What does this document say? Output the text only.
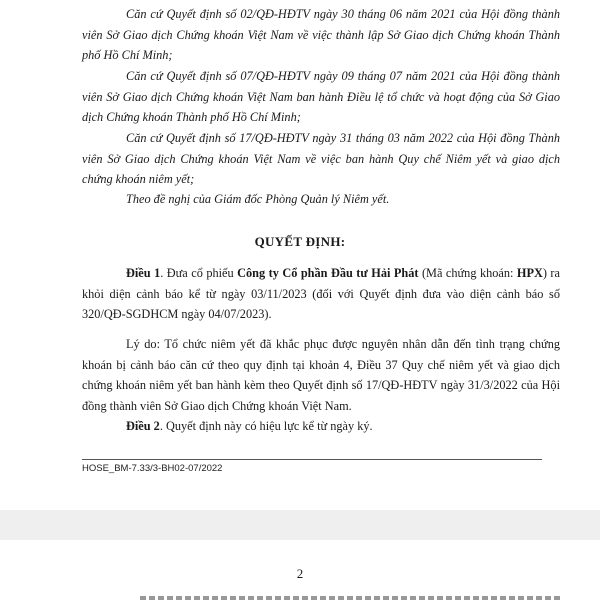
Căn cứ Quyết định số 02/QĐ-HĐTV ngày 30 tháng 06 năm 2021 của Hội đồng thành viên Sở Giao dịch Chứng khoán Việt Nam về việc thành lập Sở Giao dịch Chứng khoán Thành phố Hồ Chí Minh;

Căn cứ Quyết định số 07/QĐ-HĐTV ngày 09 tháng 07 năm 2021 của Hội đồng thành viên Sở Giao dịch Chứng khoán Việt Nam ban hành Điều lệ tổ chức và hoạt động của Sở Giao dịch Chứng khoán Thành phố Hồ Chí Minh;

Căn cứ Quyết định số 17/QĐ-HĐTV ngày 31 tháng 03 năm 2022 của Hội đồng Thành viên Sở Giao dịch Chứng khoán Việt Nam về việc ban hành Quy chế Niêm yết và giao dịch chứng khoán niêm yết;

Theo đề nghị của Giám đốc Phòng Quản lý Niêm yết.

QUYẾT ĐỊNH:

Điều 1. Đưa cổ phiếu Công ty Cổ phần Đầu tư Hải Phát (Mã chứng khoán: HPX) ra khỏi diện cảnh báo kể từ ngày 03/11/2023 (đối với Quyết định đưa vào diện cảnh báo số 320/QĐ-SGDHCM ngày 04/07/2023).

Lý do: Tổ chức niêm yết đã khắc phục được nguyên nhân dẫn đến tình trạng chứng khoán bị cảnh báo căn cứ theo quy định tại khoản 4, Điều 37 Quy chế niêm yết và giao dịch chứng khoán niêm yết ban hành kèm theo Quyết định số 17/QĐ-HĐTV ngày 31/3/2022 của Hội đồng thành viên Sở Giao dịch Chứng khoán Việt Nam.

Điều 2. Quyết định này có hiệu lực kể từ ngày ký.

HOSE_BM-7.33/3-BH02-07/2022
2
